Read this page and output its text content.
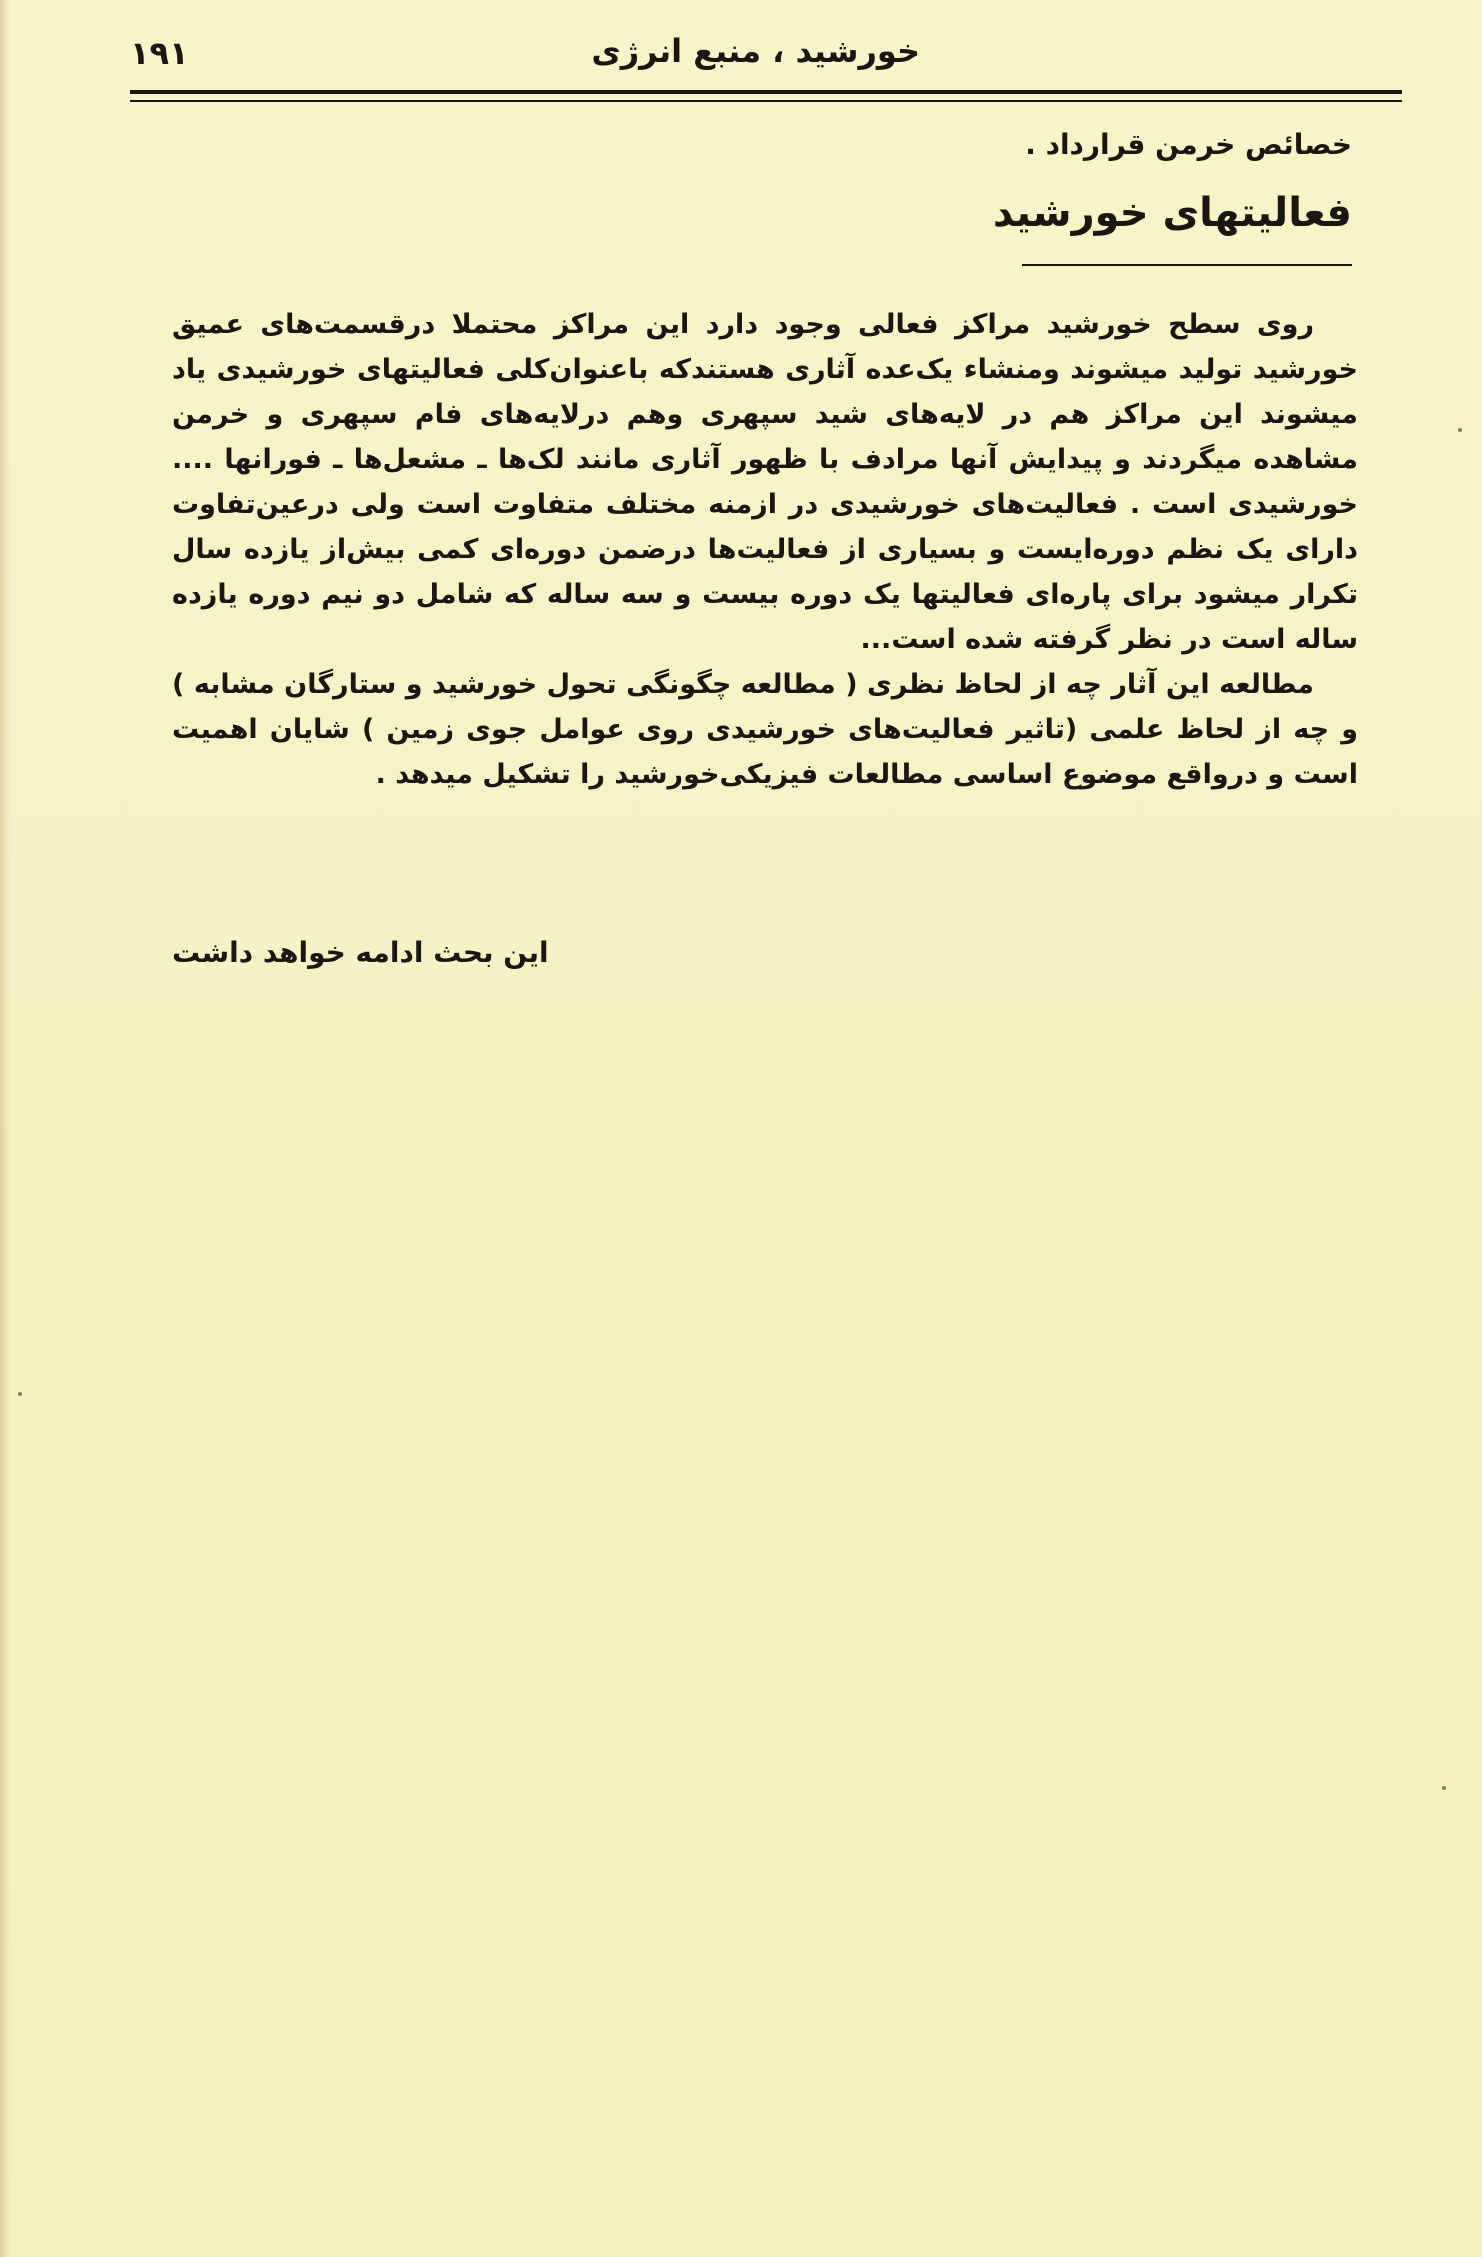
خورشید ، منبع انرژی
۱۹۱
خصائص خرمن قرارداد .
فعالیتهای خورشید

روی سطح خورشید مراکز فعالی وجود دارد این مراکز محتملا درقسمت‌های عمیق خورشید تولید میشوند ومنشاء یک‌عده آثاری هستندکه باعنوان‌کلی فعالیتهای خورشیدی یاد میشوند این مراکز هم در لایه‌های شید سپهری وهم درلایه‌های فام سپهری و خرمن مشاهده میگردند و پیدایش آنها مرادف با ظهور آثاری مانند لک‌ها ـ مشعل‌ها ـ فورانها .... خورشیدی است . فعالیت‌های خورشیدی در ازمنه مختلف متفاوت است ولی درعین‌تفاوت دارای یک نظم دوره‌ایست و بسیاری از فعالیت‌ها درضمن دوره‌ای کمی بیش‌از یازده سال تکرار میشود برای پاره‌ای فعالیتها یک دوره بیست و سه ساله که شامل دو نیم دوره یازده ساله است در نظر گرفته شده است...

مطالعه این آثار چه از لحاظ نظری ( مطالعه چگونگی تحول خورشید و ستارگان مشابه ) و چه از لحاظ علمی (تاثیر فعالیت‌های خورشیدی روی عوامل جوی زمین ) شایان اهمیت است و درواقع موضوع اساسی مطالعات فیزیکی‌خورشید را تشکیل میدهد .

این بحث ادامه خواهد داشت
